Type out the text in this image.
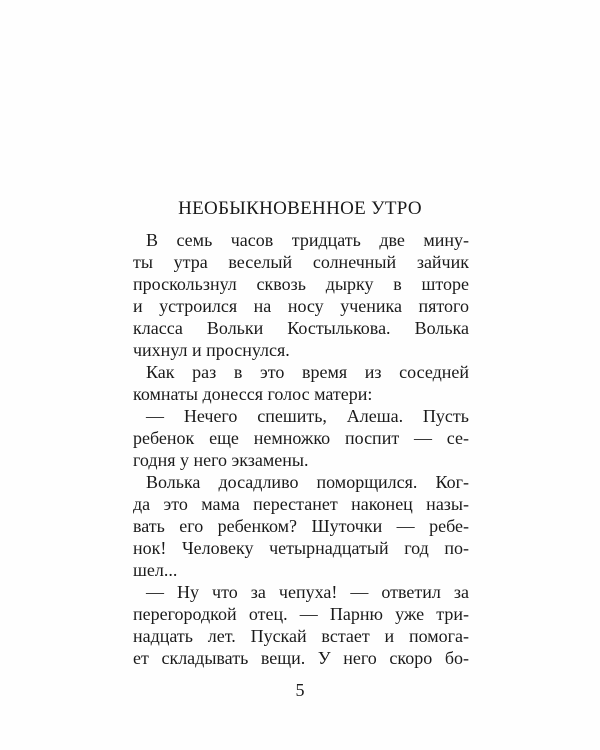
НЕОБЫКНОВЕННОЕ УТРО
В семь часов тридцать две мину-
ты утра веселый солнечный зайчик
проскользнул сквозь дырку в шторе
и устроился на носу ученика пятого
класса Вольки Костылькова. Волька
чихнул и проснулся.
Как раз в это время из соседней
комнаты донесся голос матери:
— Нечего спешить, Алеша. Пусть
ребенок еще немножко поспит — се-
годня у него экзамены.
Волька досадливо поморщился. Ког-
да это мама перестанет наконец назы-
вать его ребенком? Шуточки — ребе-
нок! Человеку четырнадцатый год по-
шел...
— Ну что за чепуха! — ответил за
перегородкой отец. — Парню уже три-
надцать лет. Пускай встает и помога-
ет складывать вещи. У него скоро бо-
5
